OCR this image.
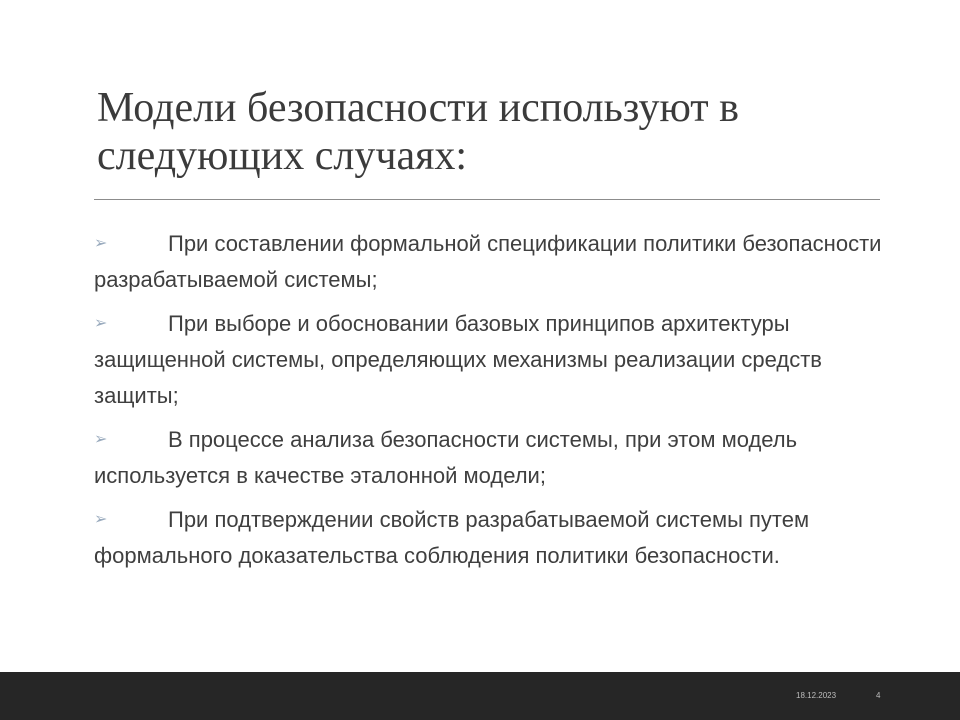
Модели безопасности используют в следующих случаях:
➢	При составлении формальной спецификации политики безопасности разрабатываемой системы;
➢	При выборе и обосновании базовых принципов архитектуры защищенной системы, определяющих механизмы реализации средств защиты;
➢	В процессе анализа безопасности системы, при этом модель используется в качестве эталонной модели;
➢	При подтверждении свойств разрабатываемой системы путем формального доказательства соблюдения политики безопасности.
18.12.2023	4
